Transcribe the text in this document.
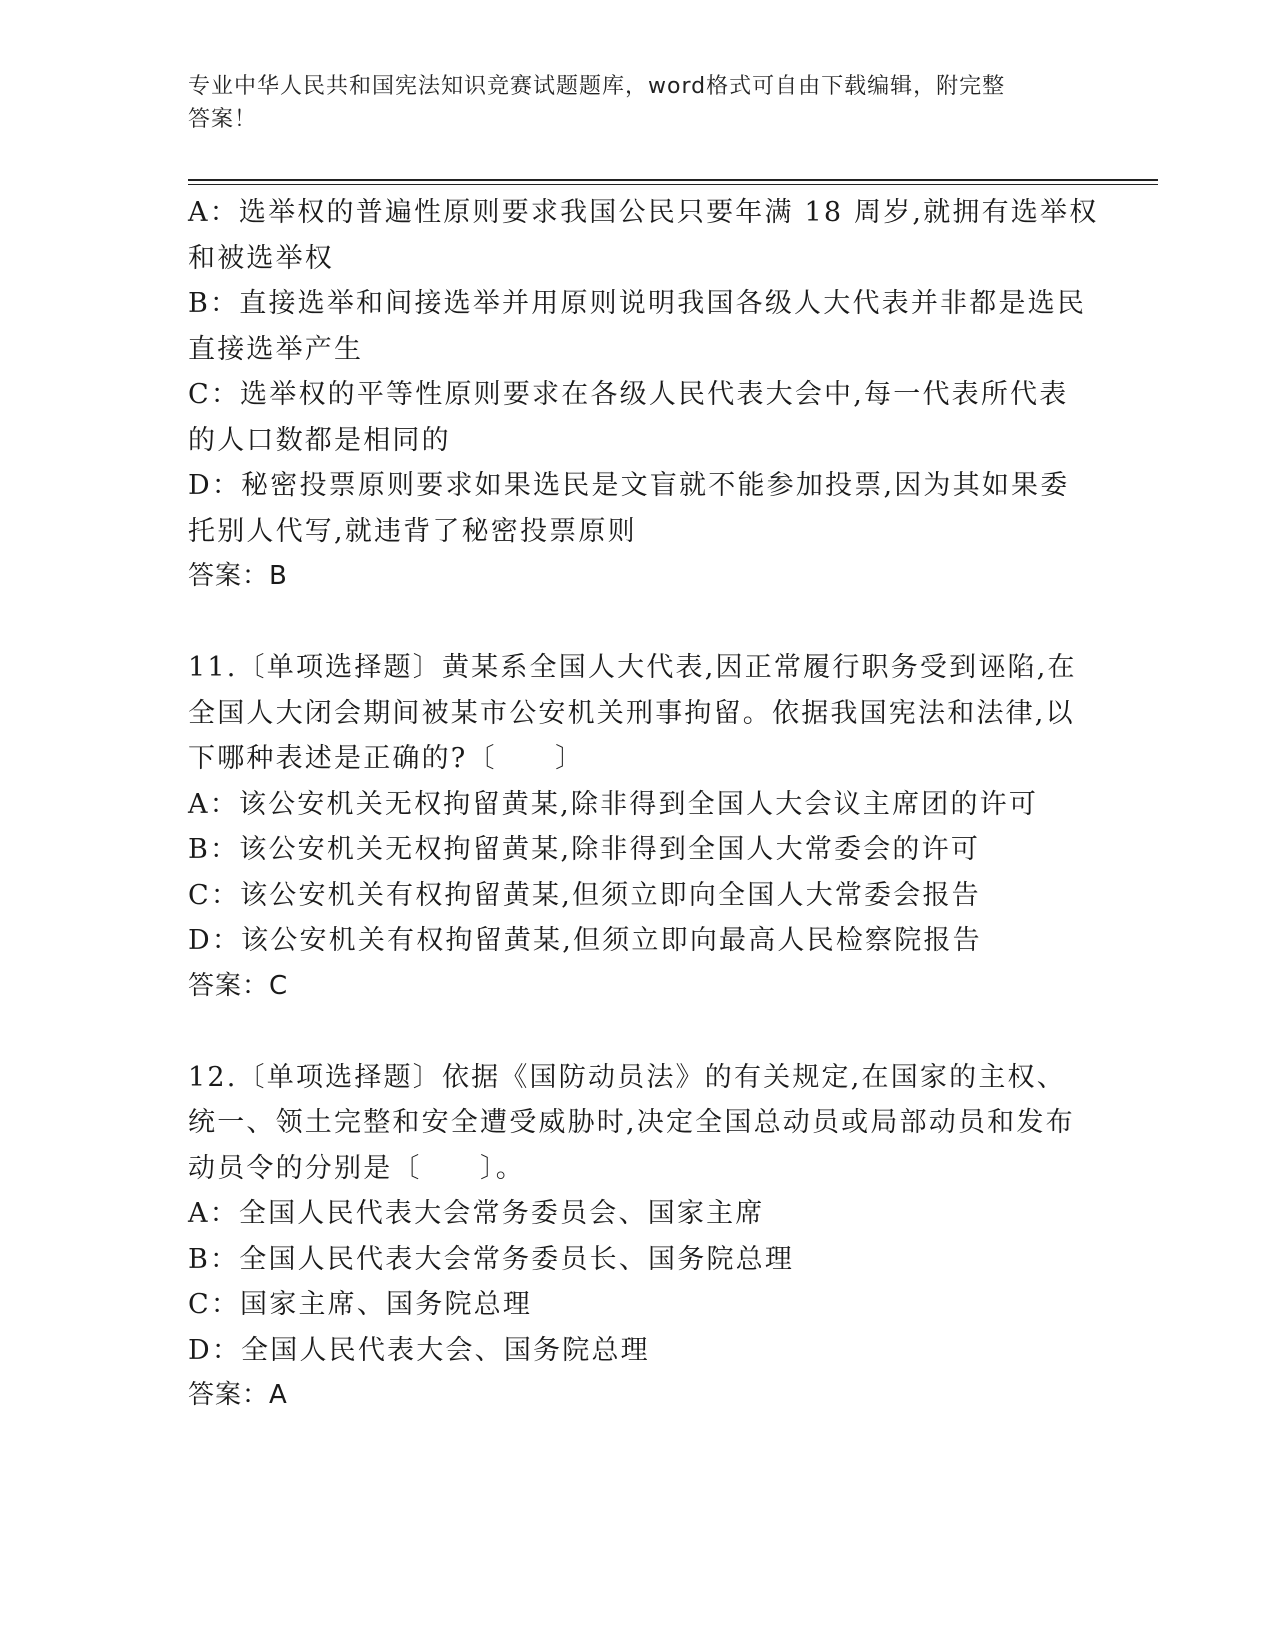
专业中华人民共和国宪法知识竞赛试题题库，word格式可自由下载编辑，附完整
答案！
A：选举权的普遍性原则要求我国公民只要年满 18 周岁,就拥有选举权
和被选举权
B：直接选举和间接选举并用原则说明我国各级人大代表并非都是选民
直接选举产生
C：选举权的平等性原则要求在各级人民代表大会中,每一代表所代表
的人口数都是相同的
D：秘密投票原则要求如果选民是文盲就不能参加投票,因为其如果委
托别人代写,就违背了秘密投票原则
答案：B
11.〔单项选择题〕黄某系全国人大代表,因正常履行职务受到诬陷,在
全国人大闭会期间被某市公安机关刑事拘留。依据我国宪法和法律,以
下哪种表述是正确的?〔　　〕
A：该公安机关无权拘留黄某,除非得到全国人大会议主席团的许可
B：该公安机关无权拘留黄某,除非得到全国人大常委会的许可
C：该公安机关有权拘留黄某,但须立即向全国人大常委会报告
D：该公安机关有权拘留黄某,但须立即向最高人民检察院报告
答案：C
12.〔单项选择题〕依据《国防动员法》的有关规定,在国家的主权、
统一、领土完整和安全遭受威胁时,决定全国总动员或局部动员和发布
动员令的分别是〔　　〕。
A：全国人民代表大会常务委员会、国家主席
B：全国人民代表大会常务委员长、国务院总理
C：国家主席、国务院总理
D：全国人民代表大会、国务院总理
答案：A
